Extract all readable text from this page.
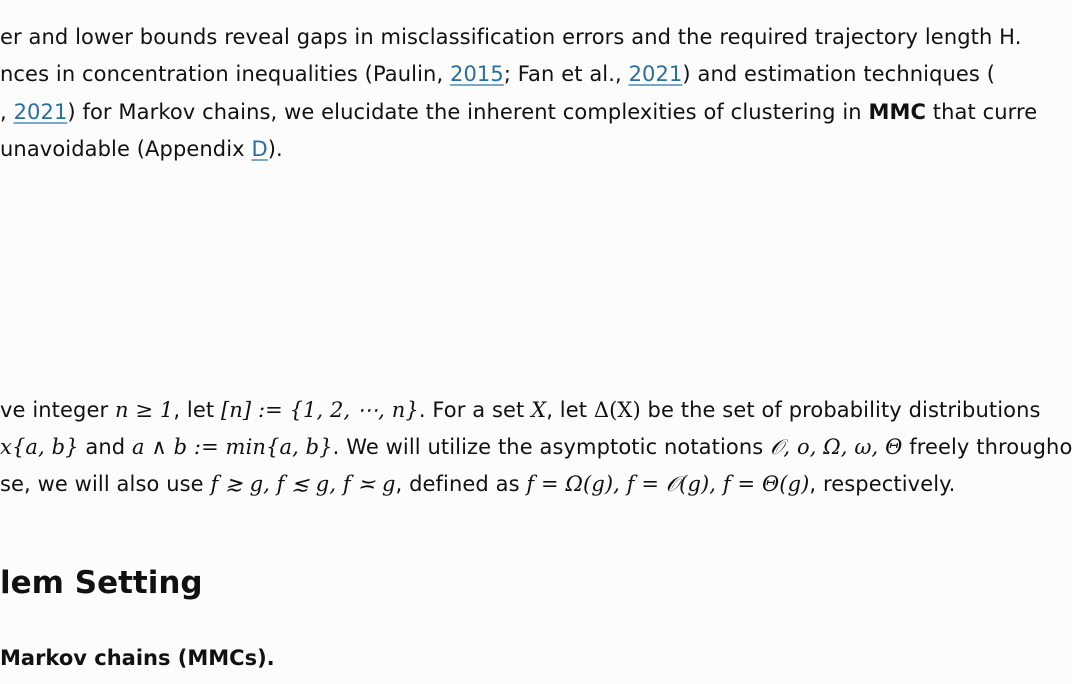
er and lower bounds reveal gaps in misclassification errors and the required trajectory length H.
nces in concentration inequalities (Paulin, 2015; Fan et al., 2021) and estimation techniques (
, 2021) for Markov chains, we elucidate the inherent complexities of clustering in MMC that curre
unavoidable (Appendix D).
ve integer n ≥ 1, let [n] := {1, 2, ⋯, n}. For a set X, let Δ(X) be the set of probability distributions
x{a, b} and a ∧ b := min{a, b}. We will utilize the asymptotic notations 𝒪, o, Ω, ω, Θ freely througho
se, we will also use f ≳ g, f ≲ g, f ≍ g, defined as f = Ω(g), f = 𝒪(g), f = Θ(g), respectively.
lem Setting
Markov chains (MMCs).
